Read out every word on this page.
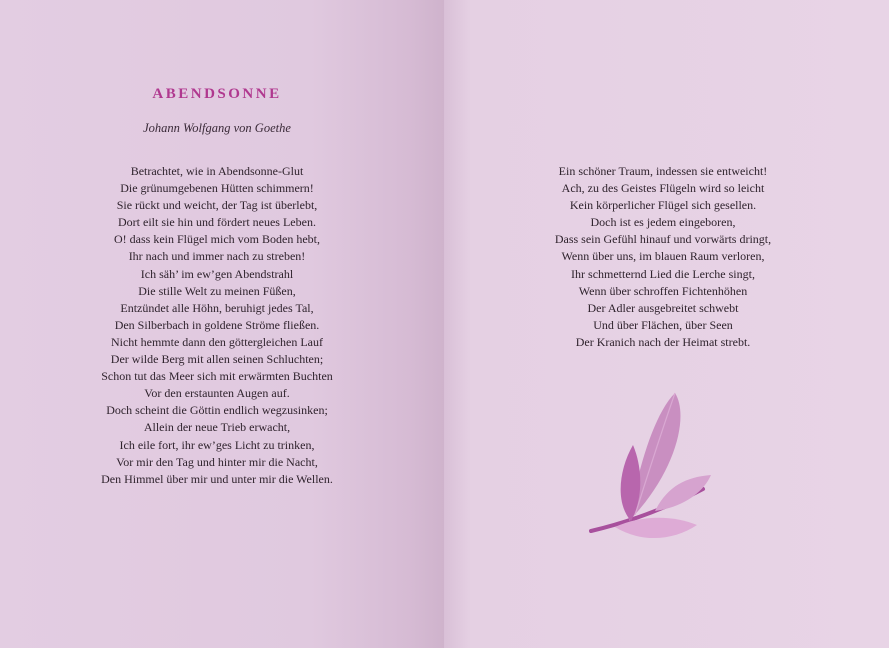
ABENDSONNE

Johann Wolfgang von Goethe

Betrachtet, wie in Abendsonne-Glut
Die grünumgebenen Hütten schimmern!
Sie rückt und weicht, der Tag ist überlebt,
Dort eilt sie hin und fördert neues Leben.
O! dass kein Flügel mich vom Boden hebt,
Ihr nach und immer nach zu streben!
Ich säh’ im ew’gen Abendstrahl
Die stille Welt zu meinen Füßen,
Entzündet alle Höhn, beruhigt jedes Tal,
Den Silberbach in goldene Ströme fließen.
Nicht hemmte dann den göttergleichen Lauf
Der wilde Berg mit allen seinen Schluchten;
Schon tut das Meer sich mit erwärmten Buchten
Vor den erstaunten Augen auf.
Doch scheint die Göttin endlich wegzusinken;
Allein der neue Trieb erwacht,
Ich eile fort, ihr ew’ges Licht zu trinken,
Vor mir den Tag und hinter mir die Nacht,
Den Himmel über mir und unter mir die Wellen.
Ein schöner Traum, indessen sie entweicht!
Ach, zu des Geistes Flügeln wird so leicht
Kein körperlicher Flügel sich gesellen.
Doch ist es jedem eingeboren,
Dass sein Gefühl hinauf und vorwärts dringt,
Wenn über uns, im blauen Raum verloren,
Ihr schmetternd Lied die Lerche singt,
Wenn über schroffen Fichtenhöhen
Der Adler ausgebreitet schwebt
Und über Flächen, über Seen
Der Kranich nach der Heimat strebt.
